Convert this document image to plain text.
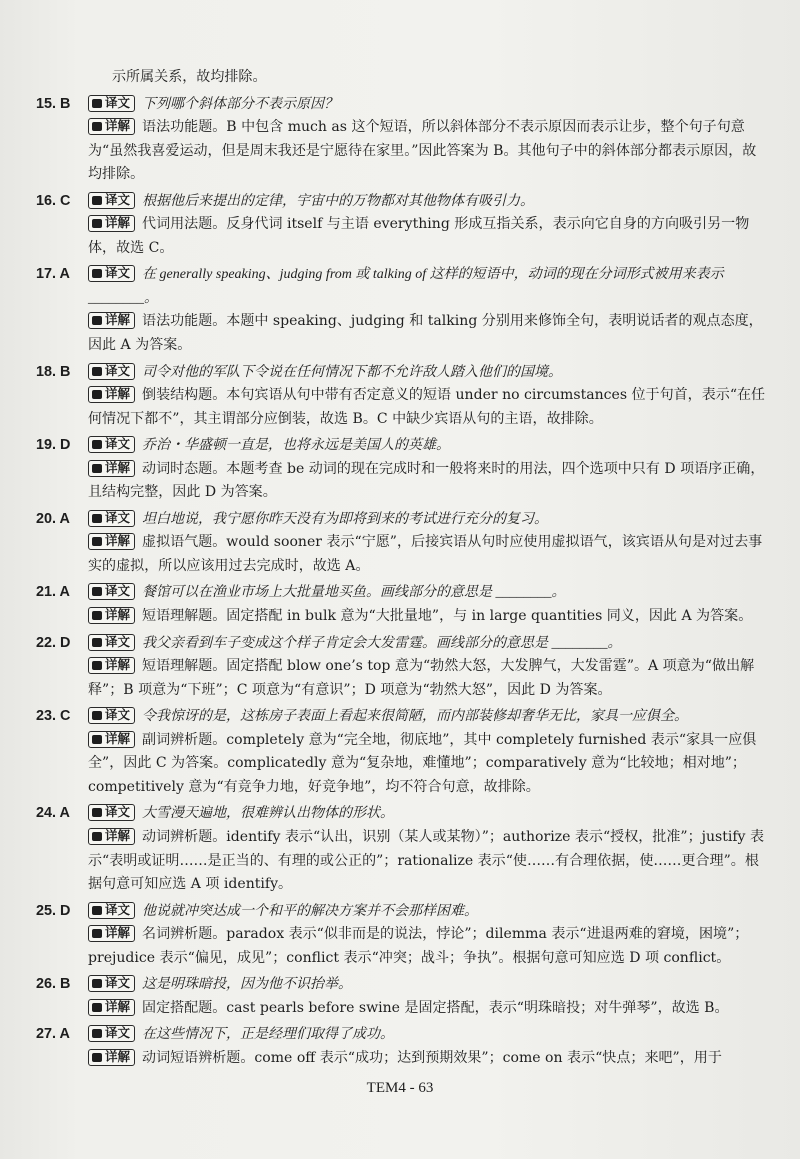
示所属关系，故均排除。
15. B	译文 下列哪个斜体部分不表示原因？
详解 语法功能题。B 中包含 much as 这个短语，所以斜体部分不表示原因而表示让步，整个句子句意为“虽然我喜爱运动，但是周末我还是宁愿待在家里。”因此答案为 B。其他句子中的斜体部分都表示原因，故均排除。
16. C	译文 根据他后来提出的定律，宇宙中的万物都对其他物体有吸引力。
详解 代词用法题。反身代词 itself 与主语 everything 形成互指关系，表示向它自身的方向吸引另一物体，故选 C。
17. A	译文 在 generally speaking、judging from 或 talking of 这样的短语中，动词的现在分词形式被用来表示 ________。
详解 语法功能题。本题中 speaking、judging 和 talking 分别用来修饰全句，表明说话者的观点态度，因此 A 为答案。
18. B	译文 司令对他的军队下令说在任何情况下都不允许敌人踏入他们的国境。
详解 倒装结构题。本句宾语从句中带有否定意义的短语 under no circumstances 位于句首，表示“在任何情况下都不”，其主谓部分应倒装，故选 B。C 中缺少宾语从句的主语，故排除。
19. D	译文 乔治・华盛顿一直是，也将永远是美国人的英雄。
详解 动词时态题。本题考查 be 动词的现在完成时和一般将来时的用法，四个选项中只有 D 项语序正确，且结构完整，因此 D 为答案。
20. A	译文 坦白地说，我宁愿你昨天没有为即将到来的考试进行充分的复习。
详解 虚拟语气题。would sooner 表示“宁愿”，后接宾语从句时应使用虚拟语气，该宾语从句是对过去事实的虚拟，所以应该用过去完成时，故选 A。
21. A	译文 餐馆可以在渔业市场上大批量地买鱼。画线部分的意思是 ________。
详解 短语理解题。固定搭配 in bulk 意为“大批量地”，与 in large quantities 同义，因此 A 为答案。
22. D	译文 我父亲看到车子变成这个样子肯定会大发雷霆。画线部分的意思是 ________。
详解 短语理解题。固定搭配 blow one’s top 意为“勃然大怒，大发脾气，大发雷霆”。A 项意为“做出解释”；B 项意为“下班”；C 项意为“有意识”；D 项意为“勃然大怒”，因此 D 为答案。
23. C	译文 令我惊讶的是，这栋房子表面上看起来很简陋，而内部装修却奢华无比，家具一应俱全。
详解 副词辨析题。completely 意为“完全地，彻底地”，其中 completely furnished 表示“家具一应俱全”，因此 C 为答案。complicatedly 意为“复杂地，难懂地”；comparatively 意为“比较地；相对地”；competitively 意为“有竞争力地，好竞争地”，均不符合句意，故排除。
24. A	译文 大雪漫天遍地，很难辨认出物体的形状。
详解 动词辨析题。identify 表示“认出，识别（某人或某物）”；authorize 表示“授权，批准”；justify 表示“表明或证明……是正当的、有理的或公正的”；rationalize 表示“使……有合理依据，使……更合理”。根据句意可知应选 A 项 identify。
25. D	译文 他说就冲突达成一个和平的解决方案并不会那样困难。
详解 名词辨析题。paradox 表示“似非而是的说法，悖论”；dilemma 表示“进退两难的窘境，困境”；prejudice 表示“偏见，成见”；conflict 表示“冲突；战斗；争执”。根据句意可知应选 D 项 conflict。
26. B	译文 这是明珠暗投，因为他不识抬举。
详解 固定搭配题。cast pearls before swine 是固定搭配，表示“明珠暗投；对牛弹琴”，故选 B。
27. A	译文 在这些情况下，正是经理们取得了成功。
详解 动词短语辨析题。come off 表示“成功；达到预期效果”；come on 表示“快点；来吧”，用于
TEM4 - 63
